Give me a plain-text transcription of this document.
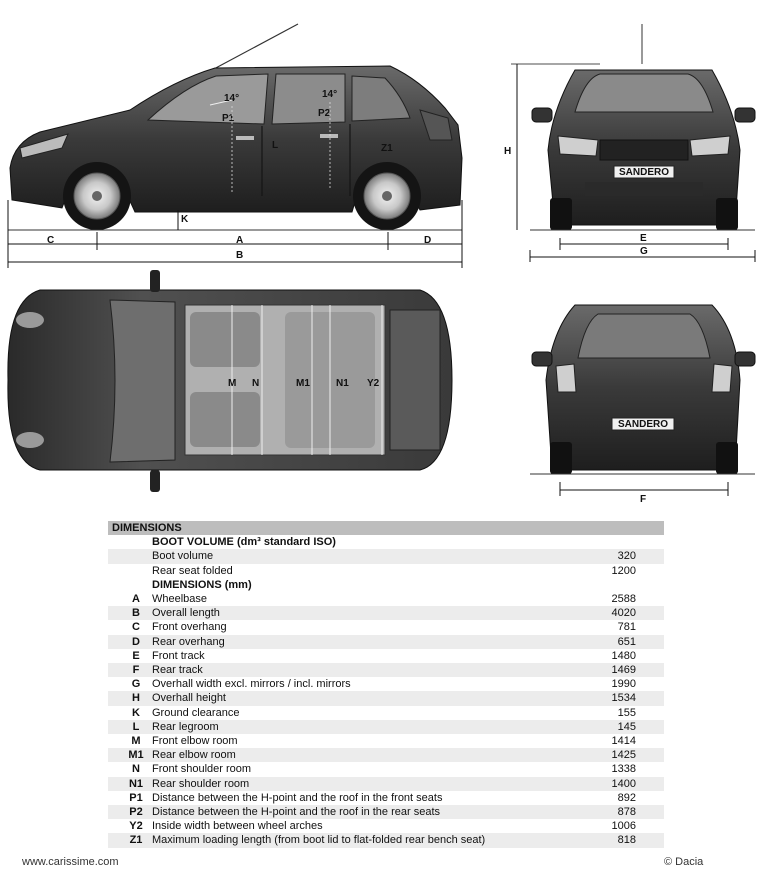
14°	14°
P1	P2
L	Z1
K
C	A	D
B
SANDERO
H
E
G
M N	M1	N1 Y2
SANDERO
F
DIMENSIONS		
	BOOT VOLUME (dm³ standard ISO)	
	Boot volume	320
	Rear seat folded	1200
	DIMENSIONS (mm)	
A	Wheelbase	2588
B	Overall length	4020
C	Front overhang	781
D	Rear overhang	651
E	Front track	1480
F	Rear track	1469
G	Overhall width excl. mirrors / incl. mirrors	1990
H	Overhall height	1534
K	Ground clearance	155
L	Rear legroom	145
M	Front elbow room	1414
M1	Rear elbow room	1425
N	Front shoulder room	1338
N1	Rear shoulder room	1400
P1	Distance between the H-point and the roof in the front seats	892
P2	Distance between the H-point and the roof in the rear seats	878
Y2	Inside width between wheel arches	1006
Z1	Maximum loading length (from boot lid to flat-folded rear bench seat)	818
www.carissime.com	© Dacia
